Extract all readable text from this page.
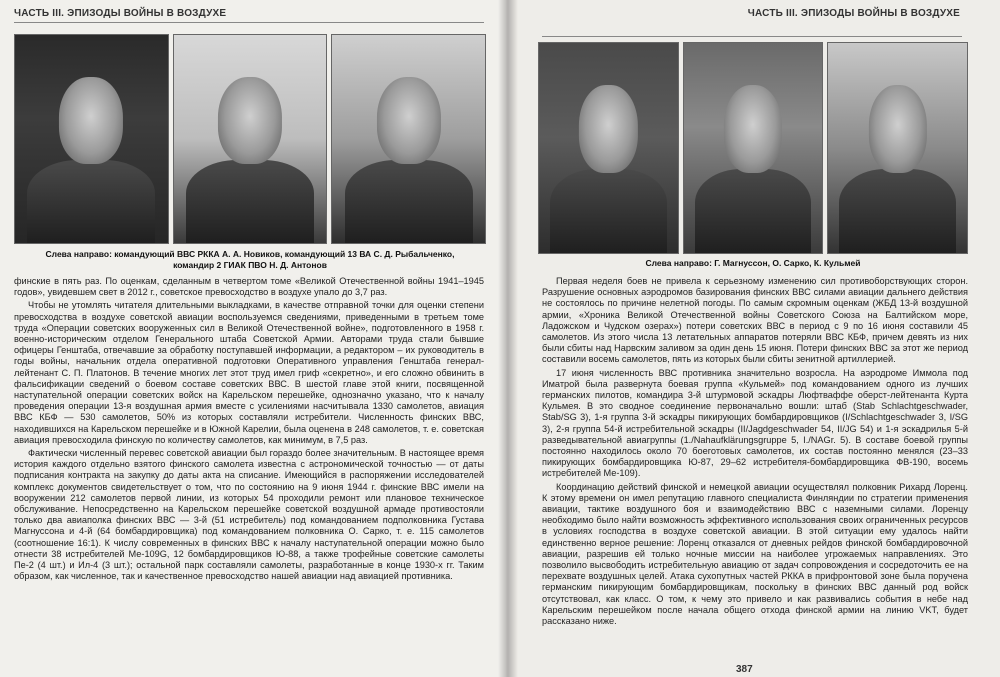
ЧАСТЬ III. ЭПИЗОДЫ ВОЙНЫ В ВОЗДУХЕ
Слева направо: командующий ВВС РККА А. А. Новиков, командующий 13 ВА С. Д. Рыбальченко,
командир 2 ГИАК ПВО Н. Д. Антонов

финские в пять раз. По оценкам, сделанным в четвертом томе «Великой Отечественной войны 1941–1945 годов», увидевшем свет в 2012 г., советское превосходство в воздухе упало до 3,7 раз.

Чтобы не утомлять читателя длительными выкладками, в качестве отправной точки для оценки степени превосходства в воздухе советской авиации воспользуемся сведениями, приведенными в третьем томе труда «Операции советских вооруженных сил в Великой Отечественной войне», подготовленного в 1958 г. военно-историческим отделом Генерального штаба Советской Армии. Авторами труда стали бывшие офицеры Генштаба, отвечавшие за обработку поступавшей информации, а редактором – их руководитель в годы войны, начальник отдела оперативной подготовки Оперативного управления Генштаба генерал-лейтенант С. П. Платонов. В течение многих лет этот труд имел гриф «секретно», и его сложно обвинить в фальсификации сведений о боевом составе советских ВВС. В шестой главе этой книги, посвященной наступательной операции советских войск на Карельском перешейке, однозначно указано, что к началу проведения операции 13-я воздушная армия вместе с усилениями насчитывала 1330 самолетов, авиация ВВС КБФ — 530 самолетов, 50% из которых составляли истребители. Численность финских ВВС, находившихся на Карельском перешейке и в Южной Карелии, была оценена в 248 самолетов, т. е. советская авиация превосходила финскую по количеству самолетов, как минимум, в 7,5 раз.

Фактически численный перевес советской авиации был гораздо более значительным. В настоящее время история каждого отдельно взятого финского самолета известна с астрономической точностью — от даты подписания контракта на закупку до даты акта на списание. Имеющийся в распоряжении исследователей комплекс документов свидетельствует о том, что по состоянию на 9 июня 1944 г. финские ВВС имели на вооружении 212 самолетов первой линии, из которых 54 проходили ремонт или плановое техническое обслуживание. Непосредственно на Карельском перешейке советской воздушной армаде противостояли только два авиаполка финских ВВС — 3-й (51 истребитель) под командованием подполковника Густава Магнуссона и 4-й (64 бомбардировщика) под командованием полковника О. Сарко, т. е. 115 самолетов (соотношение 16:1). К числу современных в финских ВВС к началу наступательной операции можно было отнести 38 истребителей Ме-109G, 12 бомбардировщиков Ю-88, а также трофейные советские самолеты Пе-2 (4 шт.) и Ил-4 (3 шт.); остальной парк составляли самолеты, разработанные в конце 1930-х гг. Таким образом, как численное, так и качественное превосходство нашей авиации над авиацией противника.

ЧАСТЬ III. ЭПИЗОДЫ ВОЙНЫ В ВОЗДУХЕ
Слева направо: Г. Магнуссон, О. Сарко, К. Кульмей

Первая неделя боев не привела к серьезному изменению сил противоборствующих сторон. Разрушение основных аэродромов базирования финских ВВС силами авиации дальнего действия не состоялось по причине нелетной погоды. По самым скромным оценкам (ЖБД 13-й воздушной армии, «Хроника Великой Отечественной войны Советского Союза на Балтийском море, Ладожском и Чудском озерах») потери советских ВВС в период с 9 по 16 июня составили 45 самолетов. Из этого числа 13 летательных аппаратов потеряли ВВС КБФ, причем девять из них были сбиты над Нарвским заливом за один день 15 июня. Потери финских ВВС за этот же период составили восемь самолетов, пять из которых были сбиты зенитной артиллерией.

17 июня численность ВВС противника значительно возросла. На аэродроме Иммола под Иматрой была развернута боевая группа «Кульмей» под командованием одного из лучших германских пилотов, командира 3-й штурмовой эскадры Люфтваффе оберст-лейтенанта Курта Кульмея. В это сводное соединение первоначально вошли: штаб (Stab Schlachtgeschwader, Stab/SG 3), 1-я группа 3-й эскадры пикирующих бомбардировщиков (I/Schlachtgeschwader 3, I/SG 3), 2-я группа 54-й истребительной эскадры (II/Jagdgeschwader 54, II/JG 54) и 1-я эскадрилья 5-й разведывательной авиагруппы (1./Nahaufklärungsgruppe 5, I./NAGr. 5). В составе боевой группы постоянно находилось около 70 боеготовых самолетов, их состав постоянно менялся (23–33 пикирующих бомбардировщика Ю-87, 29–62 истребителя-бомбардировщика ФВ-190, восемь истребителей Ме-109).

Координацию действий финской и немецкой авиации осуществлял полковник Рихард Лоренц. К этому времени он имел репутацию главного специалиста Финляндии по стратегии применения авиации, тактике воздушного боя и взаимодействию ВВС с наземными силами. Лоренцу необходимо было найти возможность эффективного использования своих ограниченных ресурсов в условиях господства в воздухе советской авиации. В этой ситуации ему удалось найти единственно верное решение: Лоренц отказался от дневных рейдов финской бомбардировочной авиации, разрешив ей только ночные миссии на наиболее угрожаемых направлениях. Это позволило высвободить истребительную авиацию от задач сопровождения и сосредоточить ее на перехвате воздушных целей. Атака сухопутных частей РККА в прифронтовой зоне была поручена германским пикирующим бомбардировщикам, поскольку в финских ВВС данный род войск отсутствовал, как класс. О том, к чему это привело и как развивались события в небе над Карельским перешейком после начала общего отхода финской армии на линию VKT, будет рассказано ниже.

387
